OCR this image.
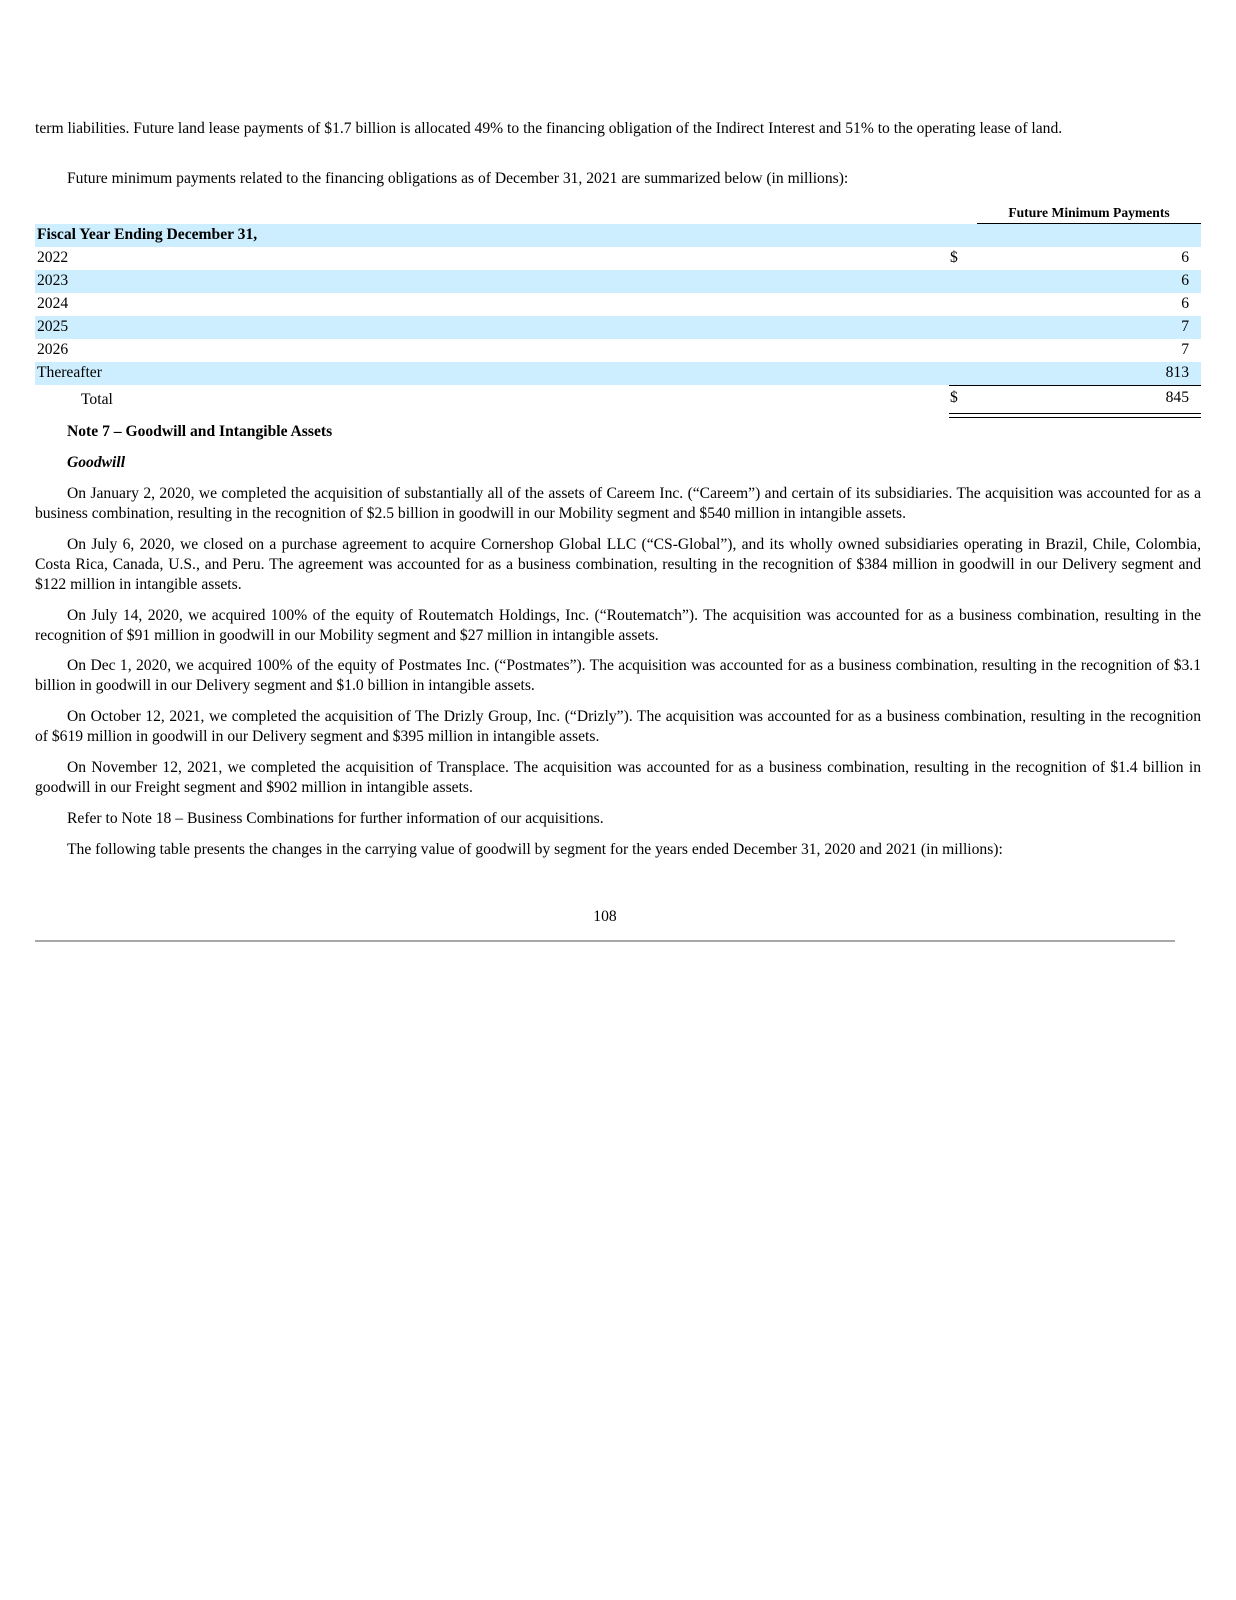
term liabilities. Future land lease payments of $1.7 billion is allocated 49% to the financing obligation of the Indirect Interest and 51% to the operating lease of land.

Future minimum payments related to the financing obligations as of December 31, 2021 are summarized below (in millions):

Future Minimum Payments
Fiscal Year Ending December 31,
2022	$	6
2023	6
2024	6
2025	7
2026	7
Thereafter	813
Total	$	845
Note 7 – Goodwill and Intangible Assets
Goodwill

On January 2, 2020, we completed the acquisition of substantially all of the assets of Careem Inc. (“Careem”) and certain of its subsidiaries. The acquisition was accounted for as a business combination, resulting in the recognition of $2.5 billion in goodwill in our Mobility segment and $540 million in intangible assets.

On July 6, 2020, we closed on a purchase agreement to acquire Cornershop Global LLC (“CS-Global”), and its wholly owned subsidiaries operating in Brazil, Chile, Colombia, Costa Rica, Canada, U.S., and Peru. The agreement was accounted for as a business combination, resulting in the recognition of $384 million in goodwill in our Delivery segment and $122 million in intangible assets.

On July 14, 2020, we acquired 100% of the equity of Routematch Holdings, Inc. (“Routematch”). The acquisition was accounted for as a business combination, resulting in the recognition of $91 million in goodwill in our Mobility segment and $27 million in intangible assets.

On Dec 1, 2020, we acquired 100% of the equity of Postmates Inc. (“Postmates”). The acquisition was accounted for as a business combination, resulting in the recognition of $3.1 billion in goodwill in our Delivery segment and $1.0 billion in intangible assets.

On October 12, 2021, we completed the acquisition of The Drizly Group, Inc. (“Drizly”). The acquisition was accounted for as a business combination, resulting in the recognition of $619 million in goodwill in our Delivery segment and $395 million in intangible assets.

On November 12, 2021, we completed the acquisition of Transplace. The acquisition was accounted for as a business combination, resulting in the recognition of $1.4 billion in goodwill in our Freight segment and $902 million in intangible assets.

Refer to Note 18 – Business Combinations for further information of our acquisitions.

The following table presents the changes in the carrying value of goodwill by segment for the years ended December 31, 2020 and 2021 (in millions):

108
